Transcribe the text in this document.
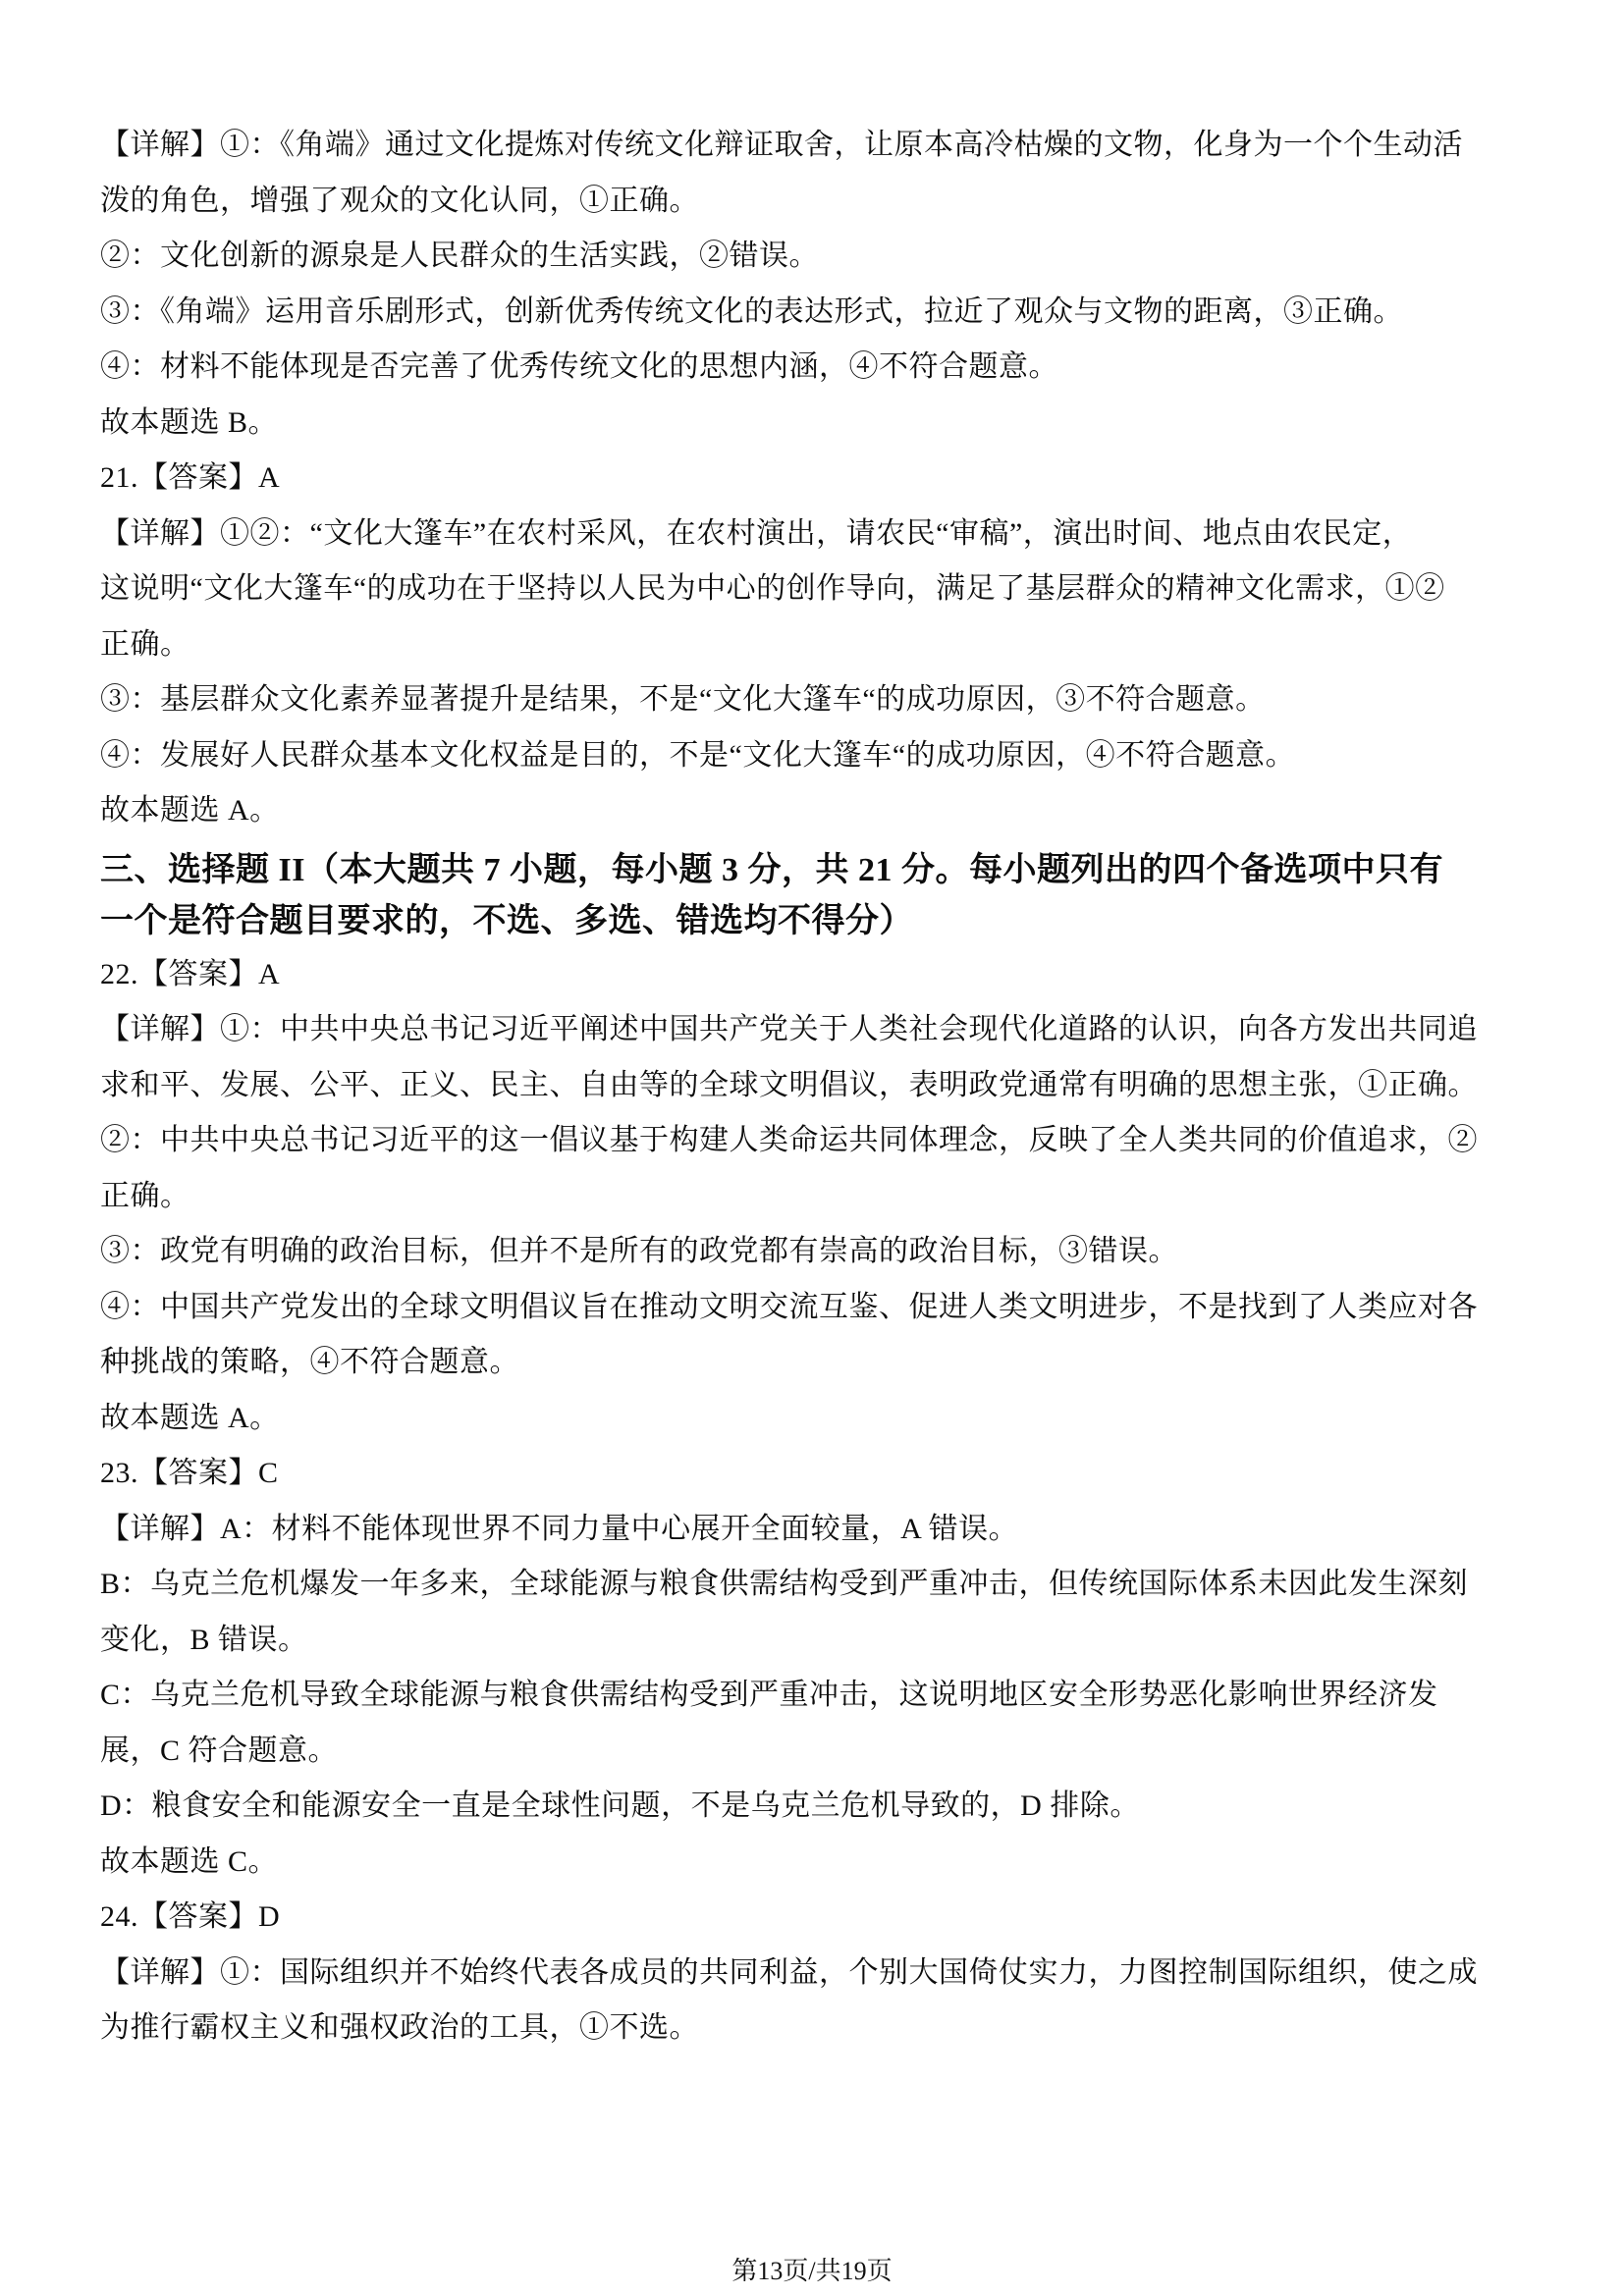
【详解】①：《角端》通过文化提炼对传统文化辩证取舍，让原本高冷枯燥的文物，化身为一个个生动活
泼的角色，增强了观众的文化认同，①正确。
②：文化创新的源泉是人民群众的生活实践，②错误。
③：《角端》运用音乐剧形式，创新优秀传统文化的表达形式，拉近了观众与文物的距离，③正确。
④：材料不能体现是否完善了优秀传统文化的思想内涵，④不符合题意。
故本题选 B。
21.【答案】A
【详解】①②：“文化大篷车”在农村采风，在农村演出，请农民“审稿”，演出时间、地点由农民定，
这说明“文化大篷车“的成功在于坚持以人民为中心的创作导向，满足了基层群众的精神文化需求，①②
正确。
③：基层群众文化素养显著提升是结果，不是“文化大篷车“的成功原因，③不符合题意。
④：发展好人民群众基本文化权益是目的，不是“文化大篷车“的成功原因，④不符合题意。
故本题选 A。
三、选择题 II（本大题共 7 小题，每小题 3 分，共 21 分。每小题列出的四个备选项中只有
一个是符合题目要求的，不选、多选、错选均不得分）
22.【答案】A
【详解】①：中共中央总书记习近平阐述中国共产党关于人类社会现代化道路的认识，向各方发出共同追
求和平、发展、公平、正义、民主、自由等的全球文明倡议，表明政党通常有明确的思想主张，①正确。
②：中共中央总书记习近平的这一倡议基于构建人类命运共同体理念，反映了全人类共同的价值追求，②
正确。
③：政党有明确的政治目标，但并不是所有的政党都有崇高的政治目标，③错误。
④：中国共产党发出的全球文明倡议旨在推动文明交流互鉴、促进人类文明进步，不是找到了人类应对各
种挑战的策略，④不符合题意。
故本题选 A。
23.【答案】C
【详解】A：材料不能体现世界不同力量中心展开全面较量，A 错误。
B：乌克兰危机爆发一年多来，全球能源与粮食供需结构受到严重冲击，但传统国际体系未因此发生深刻
变化，B 错误。
C：乌克兰危机导致全球能源与粮食供需结构受到严重冲击，这说明地区安全形势恶化影响世界经济发
展，C 符合题意。
D：粮食安全和能源安全一直是全球性问题，不是乌克兰危机导致的，D 排除。
故本题选 C。
24.【答案】D
【详解】①：国际组织并不始终代表各成员的共同利益，个别大国倚仗实力，力图控制国际组织，使之成
为推行霸权主义和强权政治的工具，①不选。
第13页/共19页
